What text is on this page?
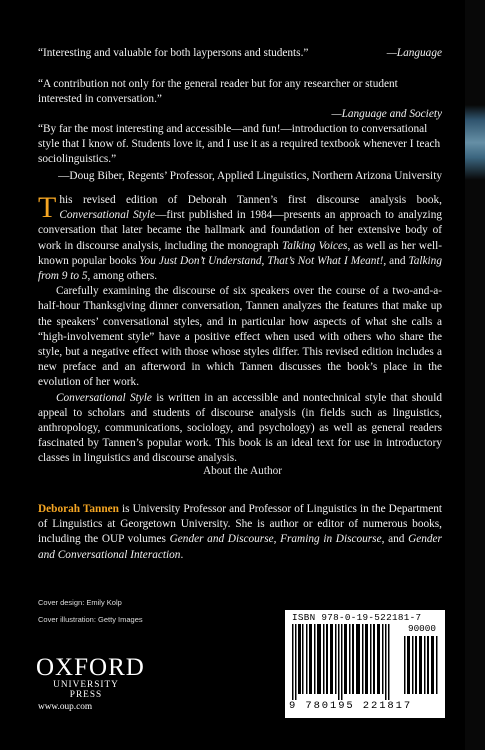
“Interesting and valuable for both laypersons and students.”	—Language
“A contribution not only for the general reader but for any researcher or student interested in conversation.”
—Language and Society
“By far the most interesting and accessible—and fun!—introduction to conversational style that I know of. Students love it, and I use it as a required textbook whenever I teach sociolinguistics.”
—Doug Biber, Regents’ Professor, Applied Linguistics, Northern Arizona University

This revised edition of Deborah Tannen’s first discourse analysis book, Conversational Style—first published in 1984—presents an approach to analyzing conversation that later became the hallmark and foundation of her extensive body of work in discourse analysis, including the monograph Talking Voices, as well as her well-known popular books You Just Don’t Understand, That’s Not What I Meant!, and Talking from 9 to 5, among others.

Carefully examining the discourse of six speakers over the course of a two-and-a-half-hour Thanksgiving dinner conversation, Tannen analyzes the features that make up the speakers’ conversational styles, and in particular how aspects of what she calls a “high-involvement style” have a positive effect when used with others who share the style, but a negative effect with those whose styles differ. This revised edition includes a new preface and an afterword in which Tannen discusses the book’s place in the evolution of her work.

Conversational Style is written in an accessible and nontechnical style that should appeal to scholars and students of discourse analysis (in fields such as linguistics, anthropology, communications, sociology, and psychology) as well as general readers fascinated by Tannen’s popular work. This book is an ideal text for use in introductory classes in linguistics and discourse analysis.

About the Author
Deborah Tannen is University Professor and Professor of Linguistics in the Department of Linguistics at Georgetown University. She is author or editor of numerous books, including the OUP volumes Gender and Discourse, Framing in Discourse, and Gender and Conversational Interaction.
Cover design: Emily Kolp
Cover illustration: Getty Images
OXFORD
UNIVERSITY PRESS
www.oup.com
ISBN 978-0-19-522181-7
90000
9 780195 221817
